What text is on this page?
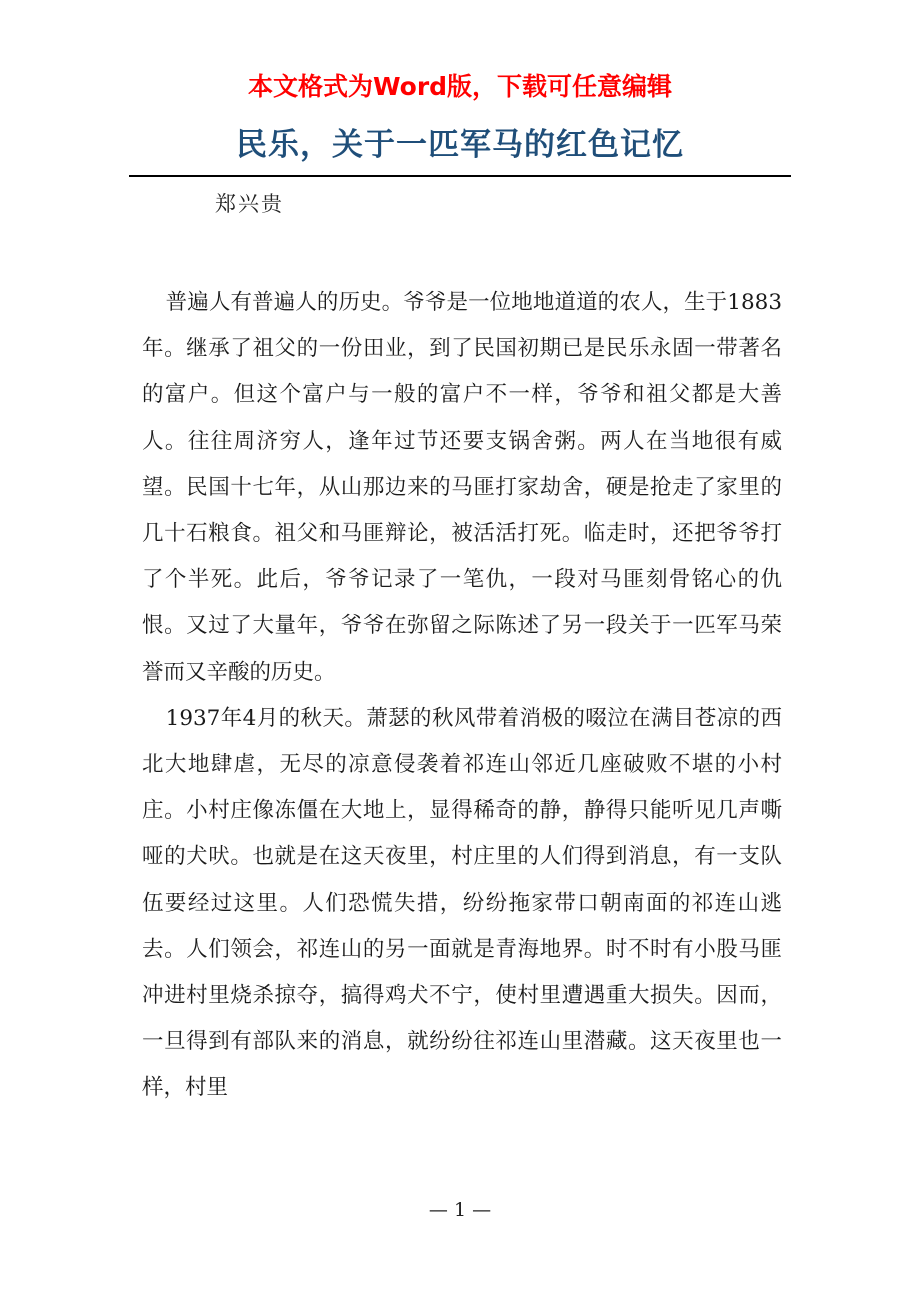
本文格式为Word版，下载可任意编辑
民乐，关于一匹军马的红色记忆
郑兴贵

普遍人有普遍人的历史。爷爷是一位地地道道的农人，生于1883年。继承了祖父的一份田业，到了民国初期已是民乐永固一带著名的富户。但这个富户与一般的富户不一样，爷爷和祖父都是大善人。往往周济穷人，逢年过节还要支锅舍粥。两人在当地很有威望。民国十七年，从山那边来的马匪打家劫舍，硬是抢走了家里的几十石粮食。祖父和马匪辩论，被活活打死。临走时，还把爷爷打了个半死。此后，爷爷记录了一笔仇，一段对马匪刻骨铭心的仇恨。又过了大量年，爷爷在弥留之际陈述了另一段关于一匹军马荣誉而又辛酸的历史。

1937年4月的秋天。萧瑟的秋风带着消极的啜泣在满目苍凉的西北大地肆虐，无尽的凉意侵袭着祁连山邻近几座破败不堪的小村庄。小村庄像冻僵在大地上，显得稀奇的静，静得只能听见几声嘶哑的犬吠。也就是在这天夜里，村庄里的人们得到消息，有一支队伍要经过这里。人们恐慌失措，纷纷拖家带口朝南面的祁连山逃去。人们领会，祁连山的另一面就是青海地界。时不时有小股马匪冲进村里烧杀掠夺，搞得鸡犬不宁，使村里遭遇重大损失。因而，一旦得到有部队来的消息，就纷纷往祁连山里潜藏。这天夜里也一样，村里

— 1 —
